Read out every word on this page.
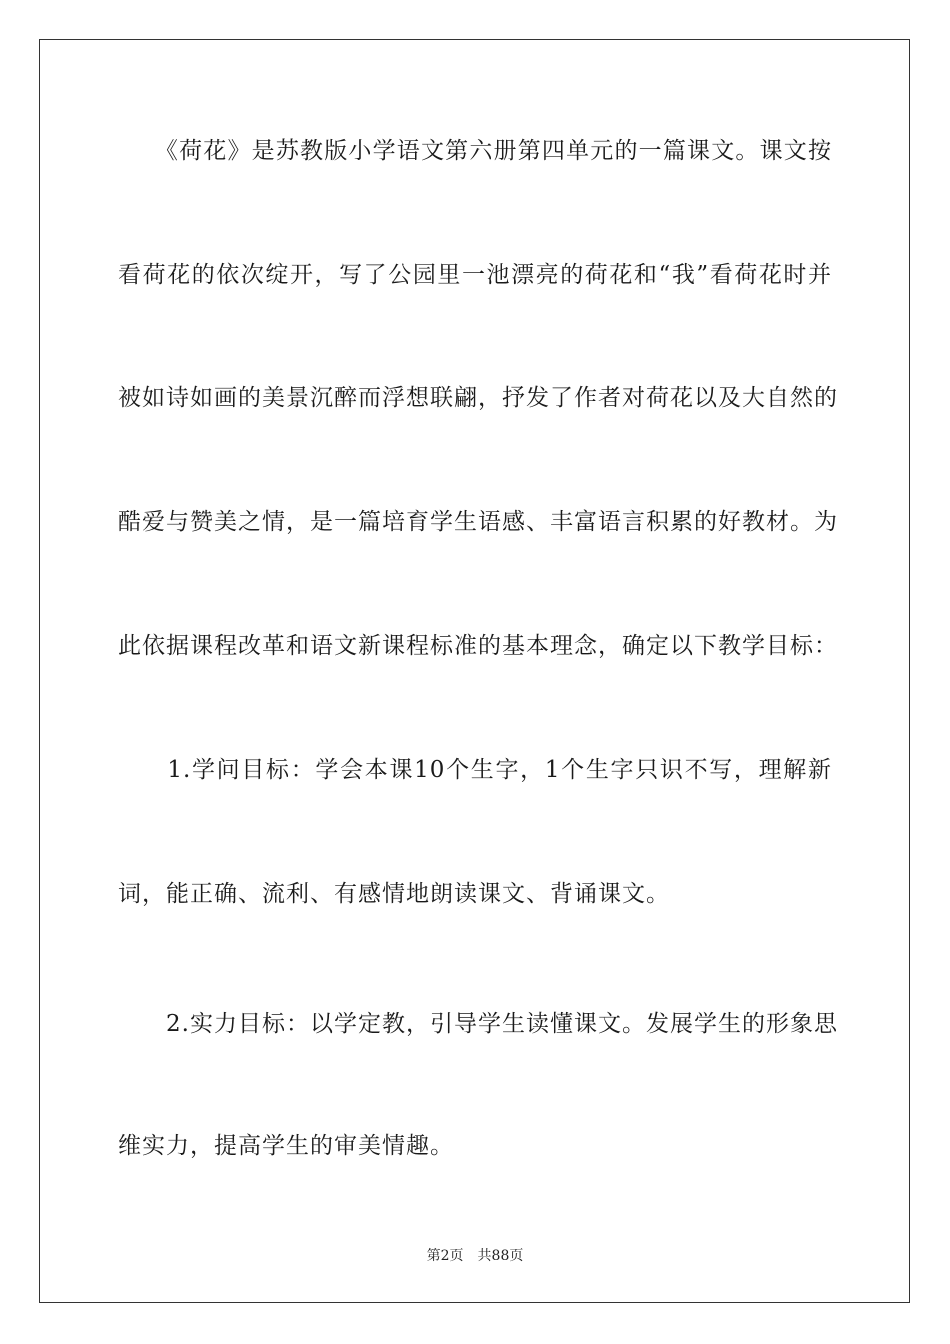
　　《荷花》是苏教版小学语文第六册第四单元的一篇课文。课文按
看荷花的依次绽开，写了公园里一池漂亮的荷花和“我”看荷花时并
被如诗如画的美景沉醉而浮想联翩，抒发了作者对荷花以及大自然的
酷爱与赞美之情，是一篇培育学生语感、丰富语言积累的好教材。为
此依据课程改革和语文新课程标准的基本理念，确定以下教学目标：
　　1.学问目标：学会本课10个生字，1个生字只识不写，理解新
词，能正确、流利、有感情地朗读课文、背诵课文。
　　2.实力目标：以学定教，引导学生读懂课文。发展学生的形象思
维实力，提高学生的审美情趣。
第2页 共88页
